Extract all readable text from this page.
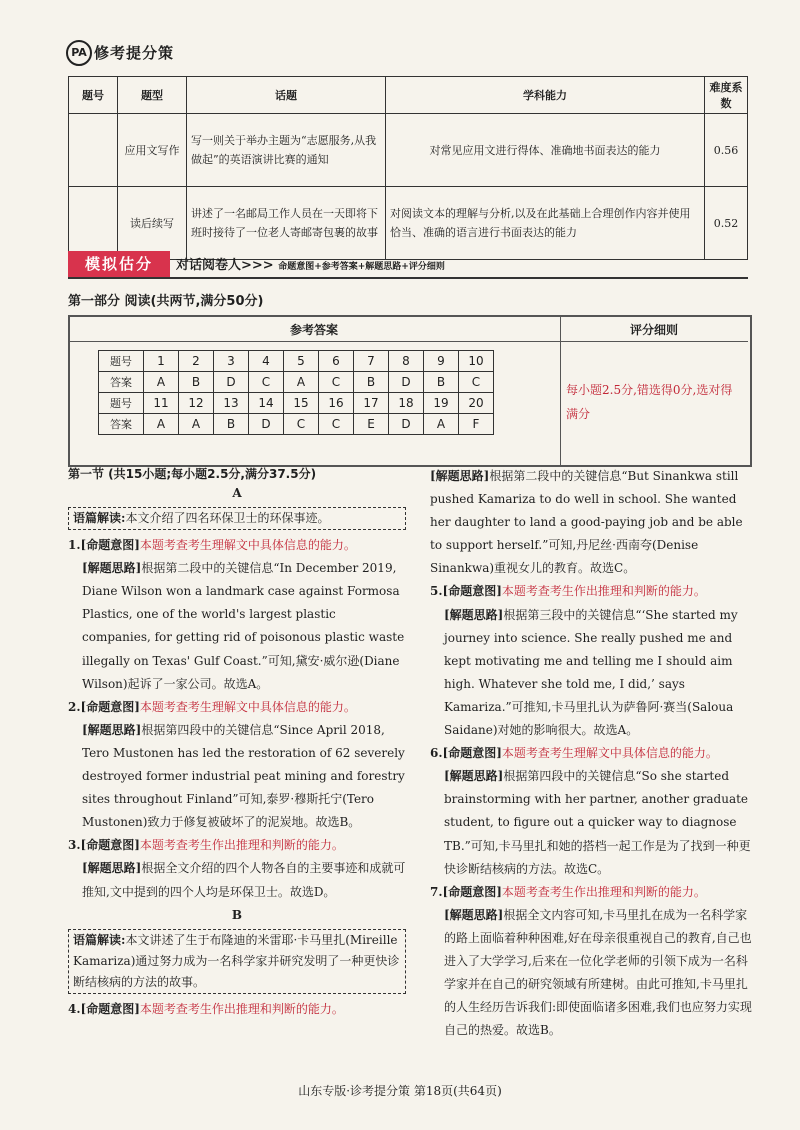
PA 修考提分策
题号	题型	话题	学科能力	难度系数
	应用文写作	写一则关于举办主题为“志愿服务,从我做起”的英语演讲比赛的通知	对常见应用文进行得体、准确地书面表达的能力	0.56
	读后续写	讲述了一名邮局工作人员在一天即将下班时接待了一位老人寄邮寄包裹的故事	对阅读文本的理解与分析,以及在此基础上合理创作内容并使用恰当、准确的语言进行书面表达的能力	0.52
模拟估分	对话阅卷人>>> 命题意图+参考答案+解题思路+评分细则
第一部分 阅读(共两节,满分50分)
参考答案	评分细则
题号	1	2	3	4	5	6	7	8	9	10
答案	A	B	D	C	A	C	B	D	B	C
题号	11	12	13	14	15	16	17	18	19	20
答案	A	A	B	D	C	C	E	D	A	F
每小题2.5分,错选得0分,选对得满分

第一节 (共15小题;每小题2.5分,满分37.5分)

A

语篇解读:本文介绍了四名环保卫士的环保事迹。

1.[命题意图]本题考查考生理解文中具体信息的能力。

[解题思路]根据第二段中的关键信息“In December 2019, Diane Wilson won a landmark case against Formosa Plastics, one of the world's largest plastic companies, for getting rid of poisonous plastic waste illegally on Texas' Gulf Coast.”可知,黛安·威尔逊(Diane Wilson)起诉了一家公司。故选A。

2.[命题意图]本题考查考生理解文中具体信息的能力。

[解题思路]根据第四段中的关键信息“Since April 2018, Tero Mustonen has led the restoration of 62 severely destroyed former industrial peat mining and forestry sites throughout Finland”可知,泰罗·穆斯托宁(Tero Mustonen)致力于修复被破坏了的泥炭地。故选B。

3.[命题意图]本题考查考生作出推理和判断的能力。

[解题思路]根据全文介绍的四个人物各自的主要事迹和成就可推知,文中提到的四个人均是环保卫士。故选D。

B

语篇解读:本文讲述了生于布隆迪的米雷耶·卡马里扎(Mireille Kamariza)通过努力成为一名科学家并研究发明了一种更快诊断结核病的方法的故事。

4.[命题意图]本题考查考生作出推理和判断的能力。

[解题思路]根据第二段中的关键信息“But Sinankwa still pushed Kamariza to do well in school. She wanted her daughter to land a good-paying job and be able to support herself.”可知,丹尼丝·西南夸(Denise Sinankwa)重视女儿的教育。故选C。

5.[命题意图]本题考查考生作出推理和判断的能力。

[解题思路]根据第三段中的关键信息“‘She started my journey into science. She really pushed me and kept motivating me and telling me I should aim high. Whatever she told me, I did,’ says Kamariza.”可推知,卡马里扎认为萨鲁阿·赛当(Saloua Saidane)对她的影响很大。故选A。

6.[命题意图]本题考查考生理解文中具体信息的能力。

[解题思路]根据第四段中的关键信息“So she started brainstorming with her partner, another graduate student, to figure out a quicker way to diagnose TB.”可知,卡马里扎和她的搭档一起工作是为了找到一种更快诊断结核病的方法。故选C。

7.[命题意图]本题考查考生作出推理和判断的能力。

[解题思路]根据全文内容可知,卡马里扎在成为一名科学家的路上面临着种种困难,好在母亲很重视自己的教育,自己也进入了大学学习,后来在一位化学老师的引领下成为一名科学家并在自己的研究领域有所建树。由此可推知,卡马里扎的人生经历告诉我们:即使面临诸多困难,我们也应努力实现自己的热爱。故选B。

山东专版·诊考提分策 第18页(共64页)
